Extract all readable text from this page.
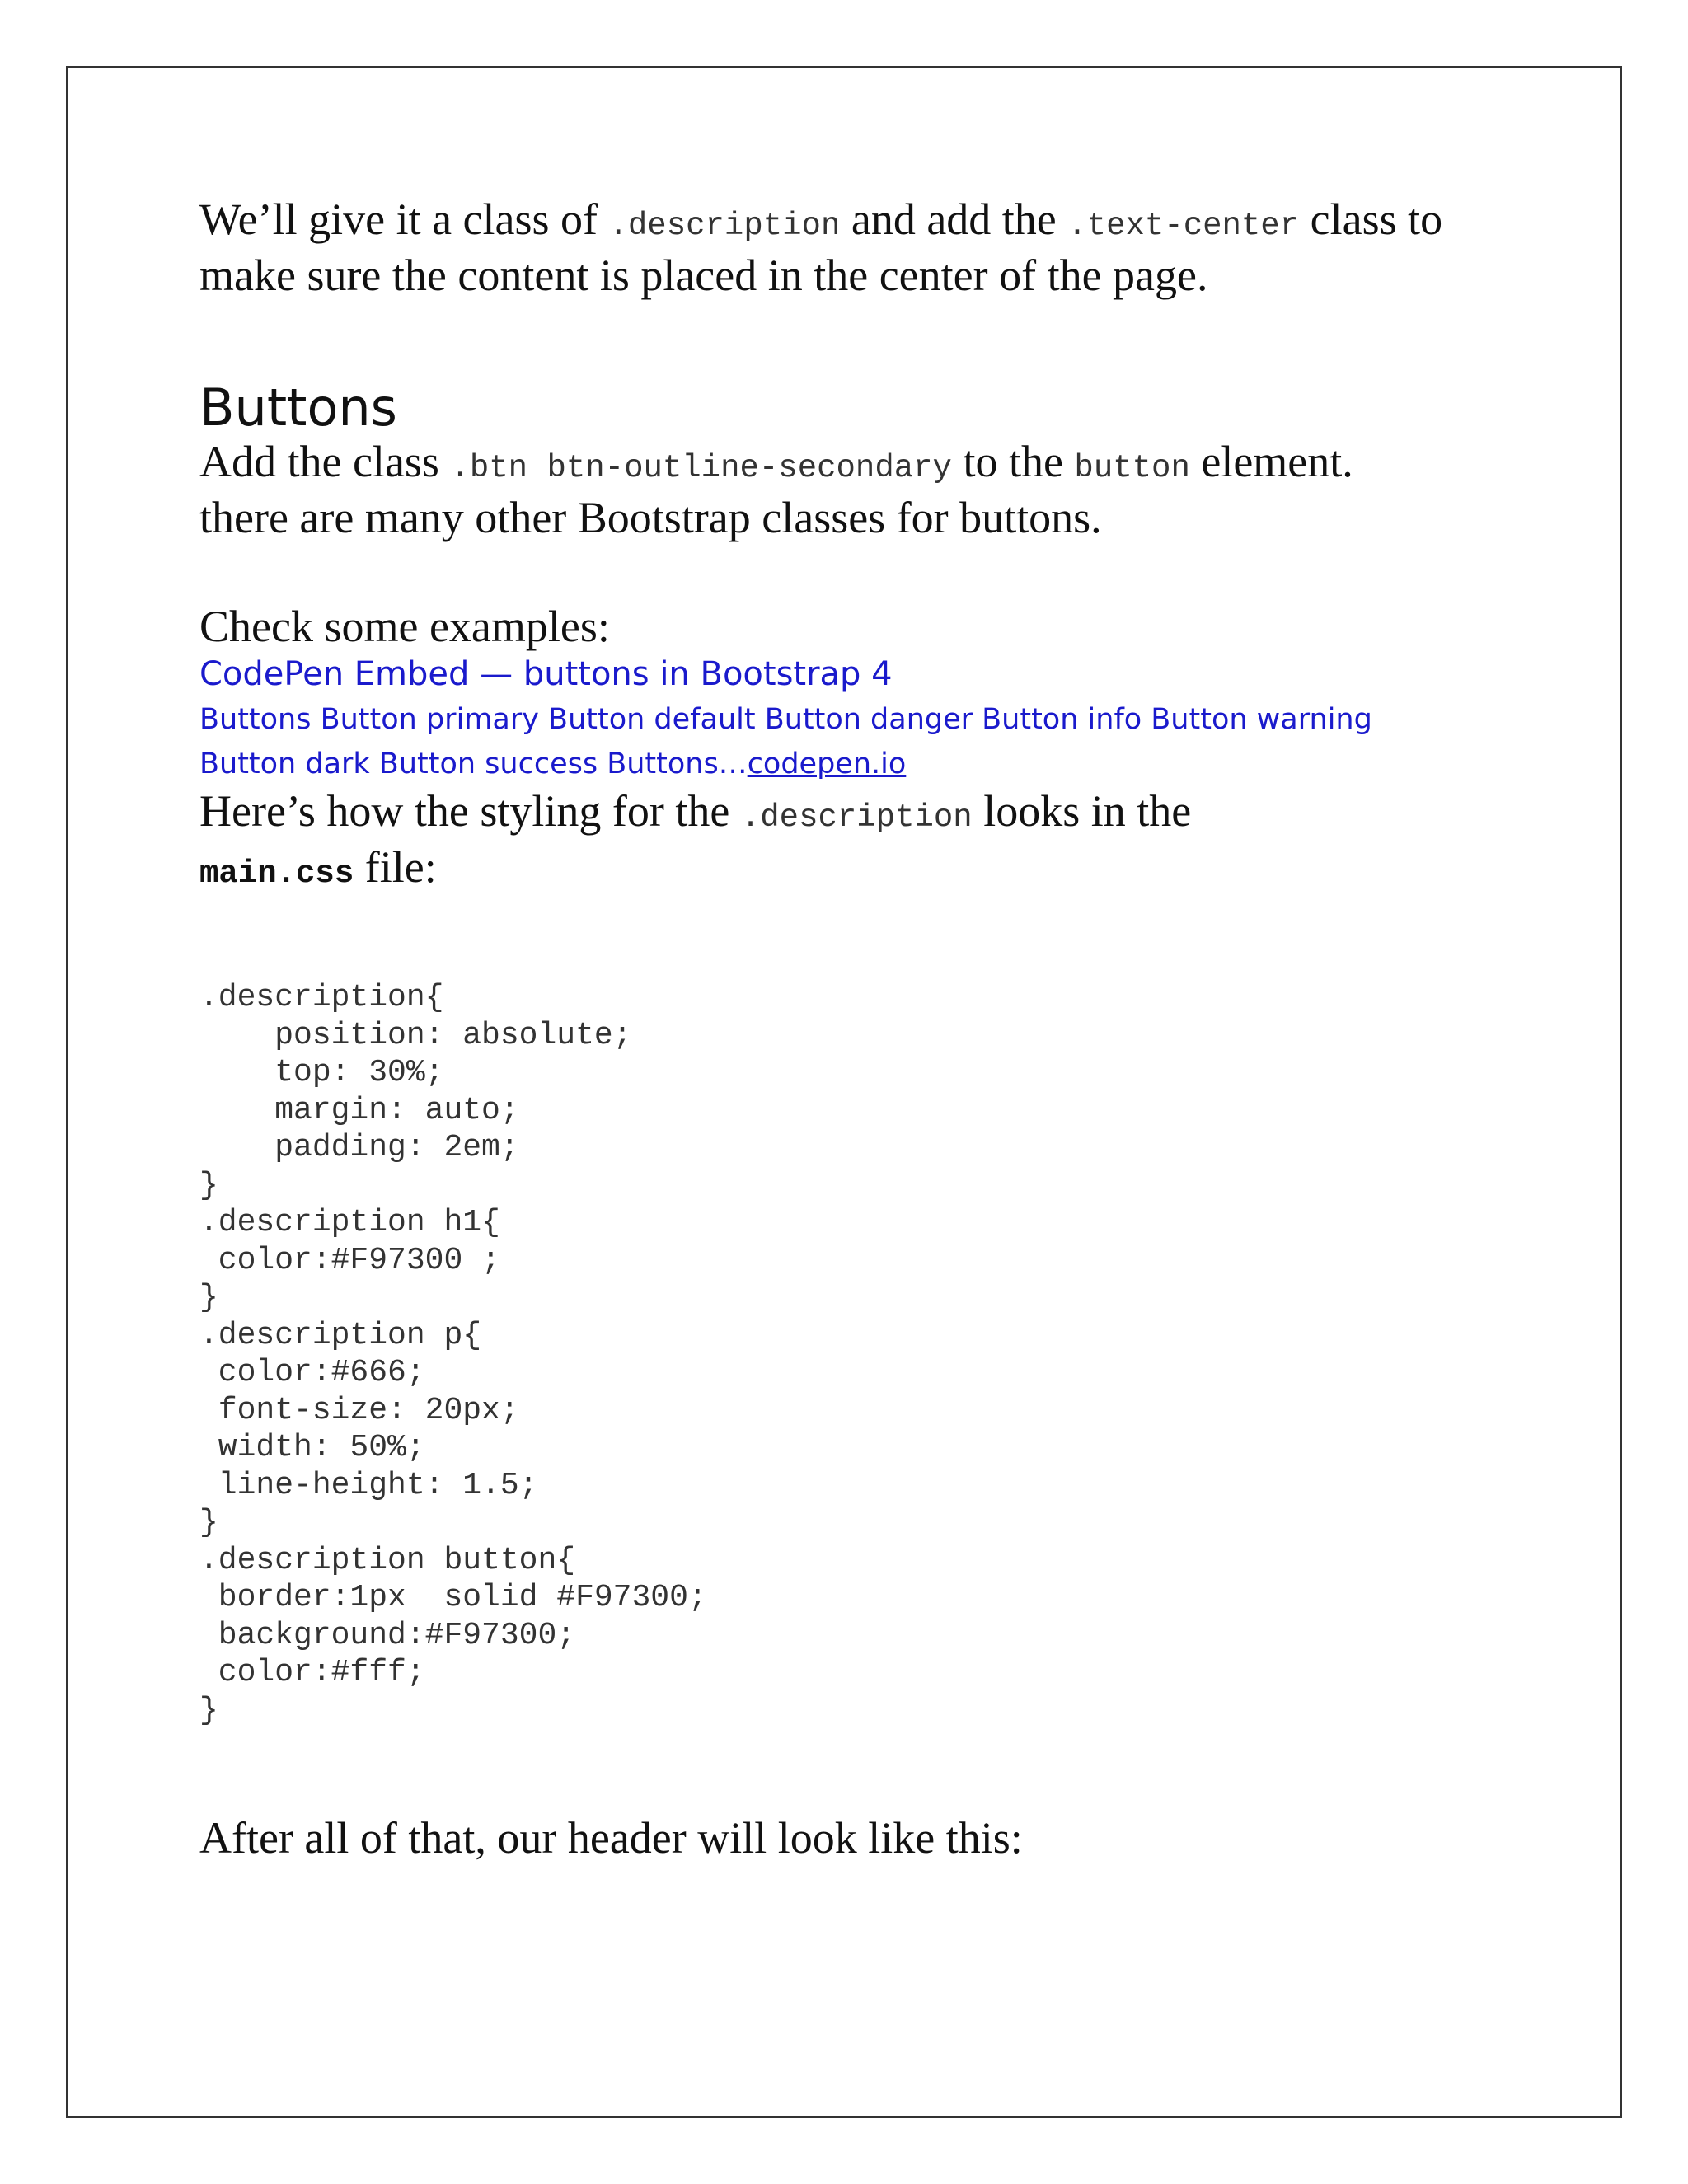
We’ll give it a class of .description and add the .text-center class to make sure the content is placed in the center of the page.

Buttons

Add the class .btn btn-outline-secondary to the button element. there are many other Bootstrap classes for buttons.

Check some examples:

CodePen Embed — buttons in Bootstrap 4

Buttons Button primary Button default Button danger Button info Button warning Button dark Button success Buttons…codepen.io

Here’s how the styling for the .description looks in the main.css file:

.description{
position: absolute;
top: 30%;
margin: auto;
padding: 2em;
}
.description h1{
color:#F97300 ;
}
.description p{
color:#666;
font-size: 20px;
width: 50%;
line-height: 1.5;
}
.description button{
border:1px  solid #F97300;
background:#F97300;
color:#fff;
}

After all of that, our header will look like this:
